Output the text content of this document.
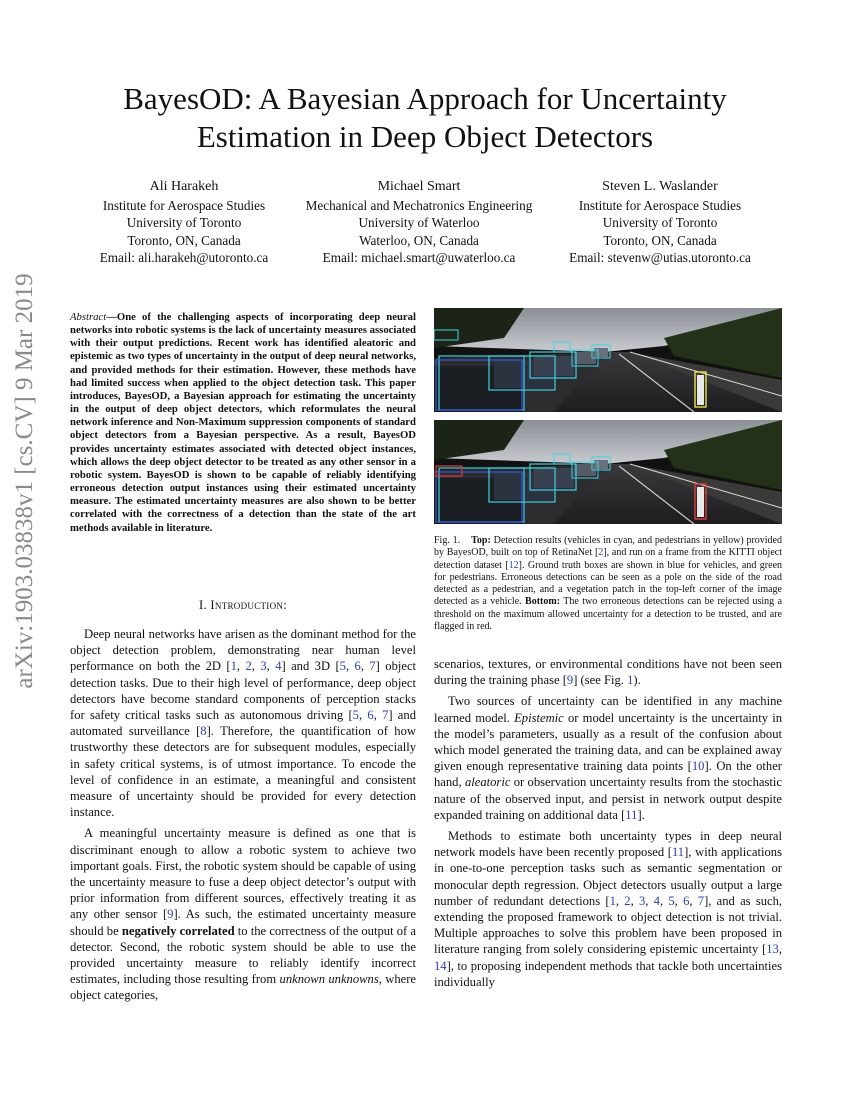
arXiv:1903.03838v1 [cs.CV] 9 Mar 2019
BayesOD: A Bayesian Approach for Uncertainty
Estimation in Deep Object Detectors
Ali Harakeh
Institute for Aerospace Studies
University of Toronto
Toronto, ON, Canada
Email: ali.harakeh@utoronto.ca
Michael Smart
Mechanical and Mechatronics Engineering
University of Waterloo
Waterloo, ON, Canada
Email: michael.smart@uwaterloo.ca
Steven L. Waslander
Institute for Aerospace Studies
University of Toronto
Toronto, ON, Canada
Email: stevenw@utias.utoronto.ca
Abstract—One of the challenging aspects of incorporating deep neural networks into robotic systems is the lack of uncertainty measures associated with their output predictions. Recent work has identified aleatoric and epistemic as two types of uncertainty in the output of deep neural networks, and provided methods for their estimation. However, these methods have had limited success when applied to the object detection task. This paper introduces, BayesOD, a Bayesian approach for estimating the uncertainty in the output of deep object detectors, which reformulates the neural network inference and Non-Maximum suppression components of standard object detectors from a Bayesian perspective. As a result, BayesOD provides uncertainty estimates associated with detected object instances, which allows the deep object detector to be treated as any other sensor in a robotic system. BayesOD is shown to be capable of reliably identifying erroneous detection output instances using their estimated uncertainty measure. The estimated uncertainty measures are also shown to be better correlated with the correctness of a detection than the state of the art methods available in literature.
I. Introduction:

Deep neural networks have arisen as the dominant method for the object detection problem, demonstrating near human level performance on both the 2D [1, 2, 3, 4] and 3D [5, 6, 7] object detection tasks. Due to their high level of performance, deep object detectors have become standard components of perception stacks for safety critical tasks such as autonomous driving [5, 6, 7] and automated surveillance [8]. Therefore, the quantification of how trustworthy these detectors are for subsequent modules, especially in safety critical systems, is of utmost importance. To encode the level of confidence in an estimate, a meaningful and consistent measure of uncertainty should be provided for every detection instance.

A meaningful uncertainty measure is defined as one that is discriminant enough to allow a robotic system to achieve two important goals. First, the robotic system should be capable of using the uncertainty measure to fuse a deep object detector’s output with prior information from different sources, effectively treating it as any other sensor [9]. As such, the estimated uncertainty measure should be negatively correlated to the correctness of the output of a detector. Second, the robotic system should be able to use the provided uncertainty measure to reliably identify incorrect estimates, including those resulting from unknown unknowns, where object categories,

Fig. 1. Top: Detection results (vehicles in cyan, and pedestrians in yellow) provided by BayesOD, built on top of RetinaNet [2], and run on a frame from the KITTI object detection dataset [12]. Ground truth boxes are shown in blue for vehicles, and green for pedestrians. Erroneous detections can be seen as a pole on the side of the road detected as a pedestrian, and a vegetation patch in the top-left corner of the image detected as a vehicle. Bottom: The two erroneous detections can be rejected using a threshold on the maximum allowed uncertainty for a detection to be trusted, and are flagged in red.

scenarios, textures, or environmental conditions have not been seen during the training phase [9] (see Fig. 1).

Two sources of uncertainty can be identified in any machine learned model. Epistemic or model uncertainty is the uncertainty in the model’s parameters, usually as a result of the confusion about which model generated the training data, and can be explained away given enough representative training data points [10]. On the other hand, aleatoric or observation uncertainty results from the stochastic nature of the observed input, and persist in network output despite expanded training on additional data [11].

Methods to estimate both uncertainty types in deep neural network models have been recently proposed [11], with applications in one-to-one perception tasks such as semantic segmentation or monocular depth regression. Object detectors usually output a large number of redundant detections [1, 2, 3, 4, 5, 6, 7], and as such, extending the proposed framework to object detection is not trivial. Multiple approaches to solve this problem have been proposed in literature ranging from solely considering epistemic uncertainty [13, 14], to proposing independent methods that tackle both uncertainties individually
